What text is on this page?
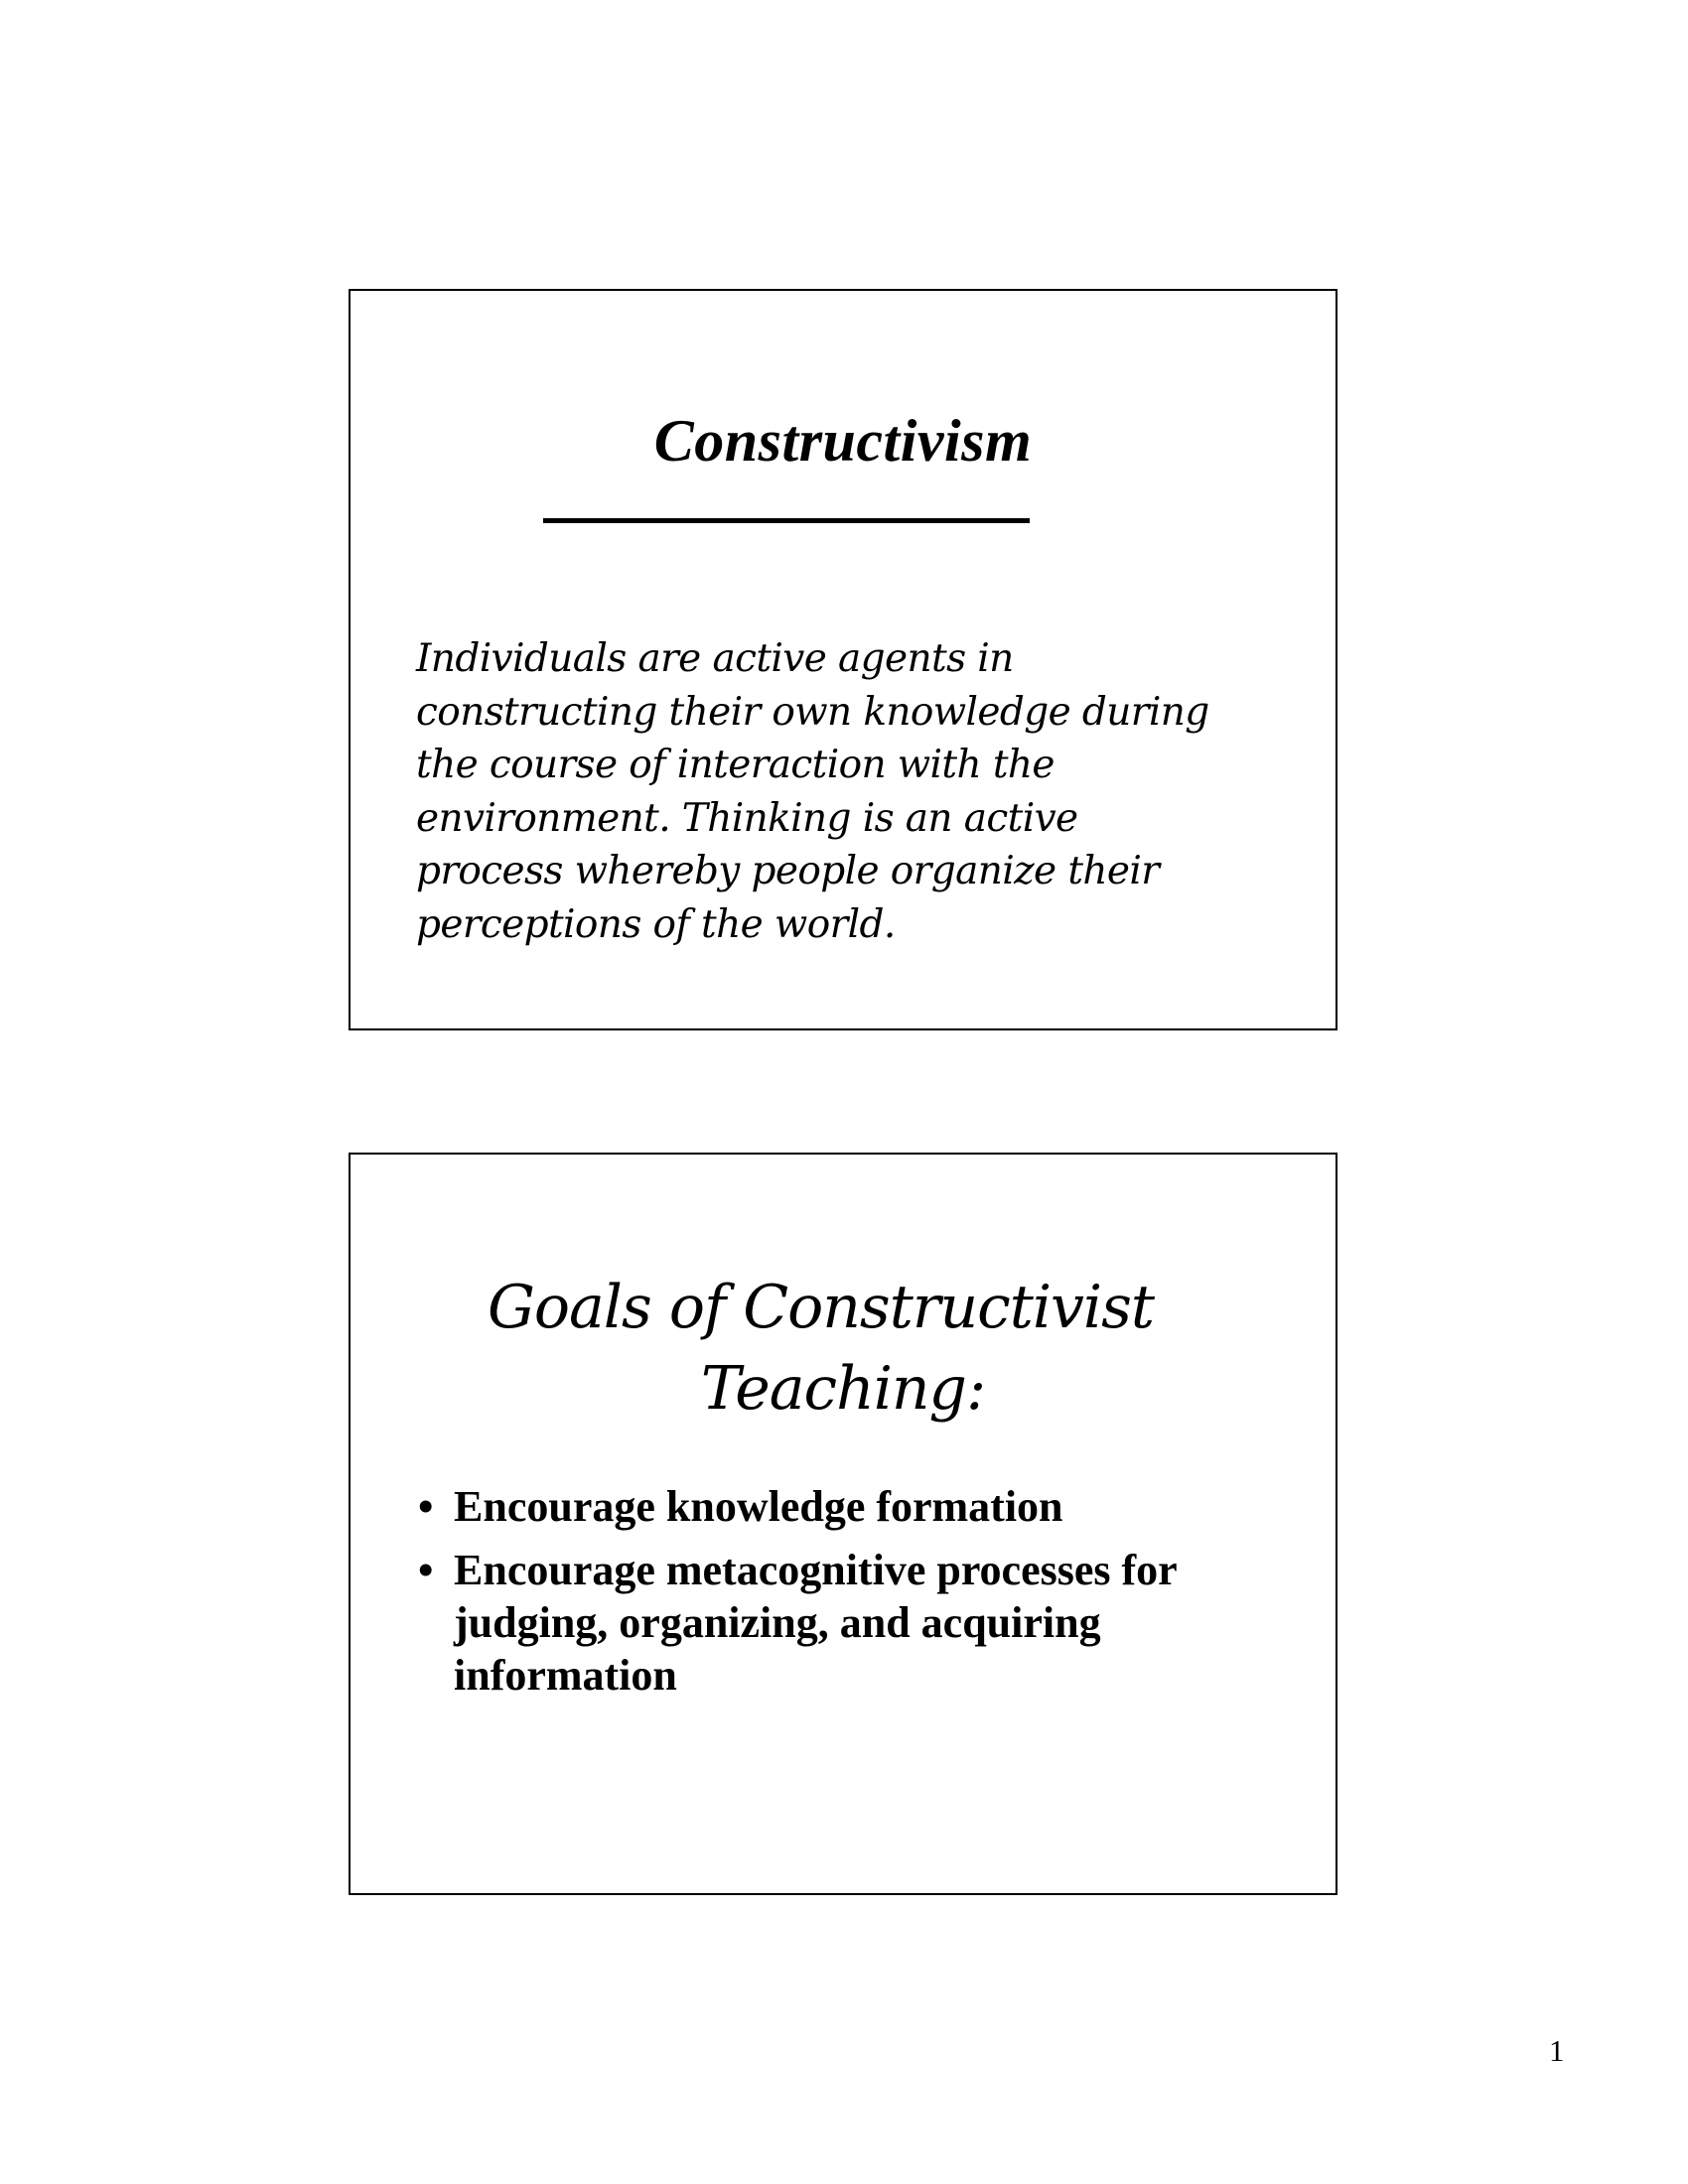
Constructivism
Individuals are active agents in
constructing their own knowledge during
the course of interaction with the
environment. Thinking is an active
process whereby people organize their
perceptions of the world.
Goals of Constructivist
Teaching:
• Encourage knowledge formation
• Encourage metacognitive processes for judging, organizing, and acquiring information
1
